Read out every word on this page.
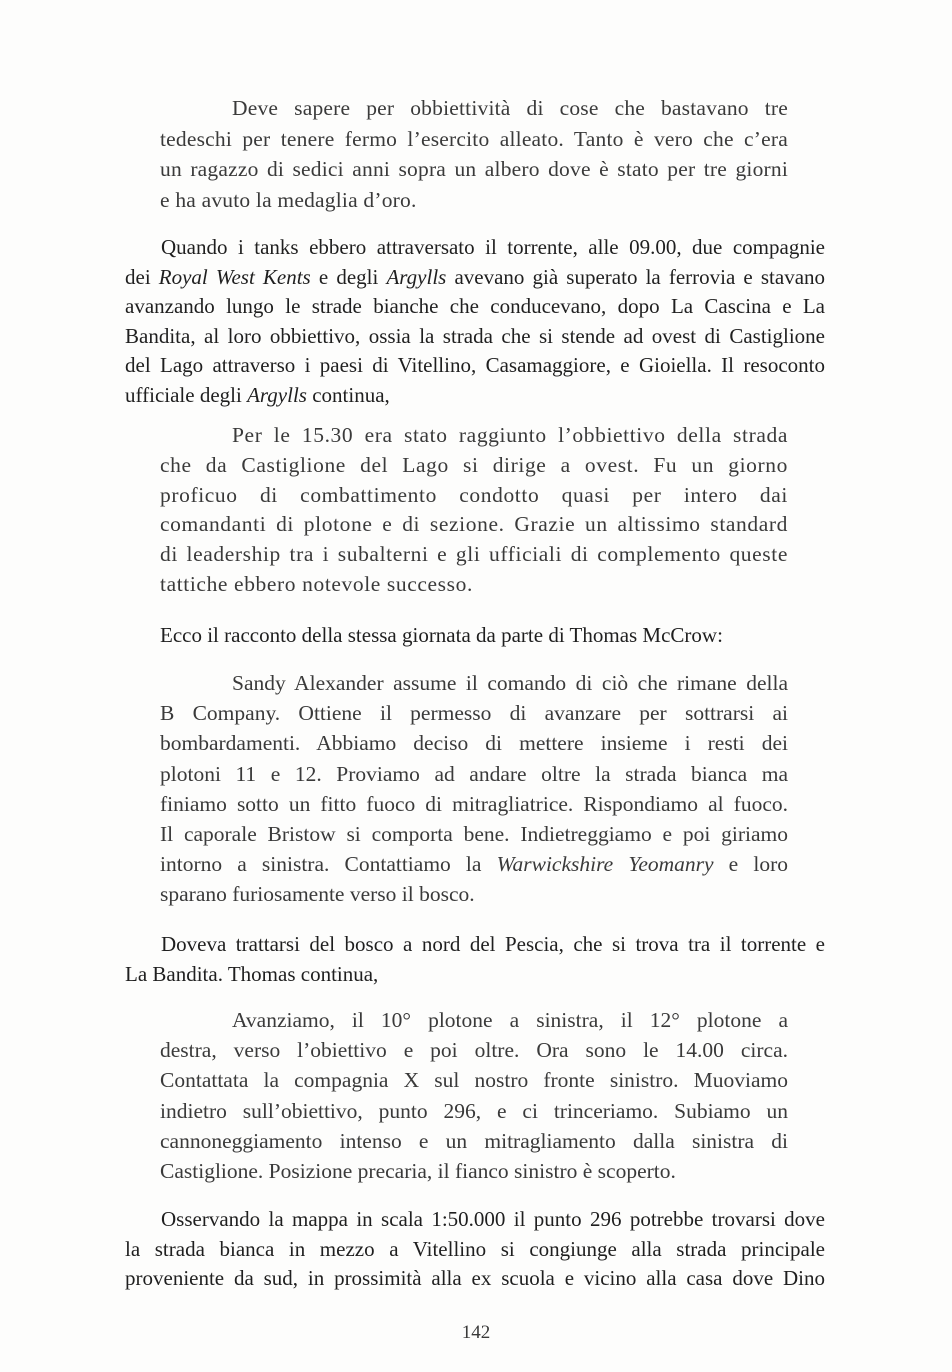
Deve sapere per obbiettività di cose che bastavano tre
tedeschi per tenere fermo l’esercito alleato. Tanto è vero che c’era
un ragazzo di sedici anni sopra un albero dove è stato per tre giorni
e ha avuto la medaglia d’oro.
Quando i tanks ebbero attraversato il torrente, alle 09.00, due compagnie
dei Royal West Kents e degli Argylls avevano già superato la ferrovia e stavano
avanzando lungo le strade bianche che conducevano, dopo La Cascina e La
Bandita, al loro obbiettivo, ossia la strada che si stende ad ovest di Castiglione
del Lago attraverso i paesi di Vitellino, Casamaggiore, e Gioiella. Il resoconto
ufficiale degli Argylls continua,
Per le 15.30 era stato raggiunto l’obbiettivo della strada
che da Castiglione del Lago si dirige a ovest. Fu un giorno
proficuo di combattimento condotto quasi per intero dai
comandanti di plotone e di sezione. Grazie un altissimo standard
di leadership tra i subalterni e gli ufficiali di complemento queste
tattiche ebbero notevole successo.
Ecco il racconto della stessa giornata da parte di Thomas McCrow:
Sandy Alexander assume il comando di ciò che rimane della
B Company. Ottiene il permesso di avanzare per sottrarsi ai
bombardamenti. Abbiamo deciso di mettere insieme i resti dei
plotoni 11 e 12. Proviamo ad andare oltre la strada bianca ma
finiamo sotto un fitto fuoco di mitragliatrice. Rispondiamo al fuoco.
Il caporale Bristow si comporta bene. Indietreggiamo e poi giriamo
intorno a sinistra. Contattiamo la Warwickshire Yeomanry e loro
sparano furiosamente verso il bosco.
Doveva trattarsi del bosco a nord del Pescia, che si trova tra il torrente e
La Bandita. Thomas continua,
Avanziamo, il 10° plotone a sinistra, il 12° plotone a
destra, verso l’obiettivo e poi oltre. Ora sono le 14.00 circa.
Contattata la compagnia X sul nostro fronte sinistro. Muoviamo
indietro sull’obiettivo, punto 296, e ci trinceriamo. Subiamo un
cannoneggiamento intenso e un mitragliamento dalla sinistra di
Castiglione. Posizione precaria, il fianco sinistro è scoperto.
Osservando la mappa in scala 1:50.000 il punto 296 potrebbe trovarsi dove
la strada bianca in mezzo a Vitellino si congiunge alla strada principale
proveniente da sud, in prossimità alla ex scuola e vicino alla casa dove Dino
142
